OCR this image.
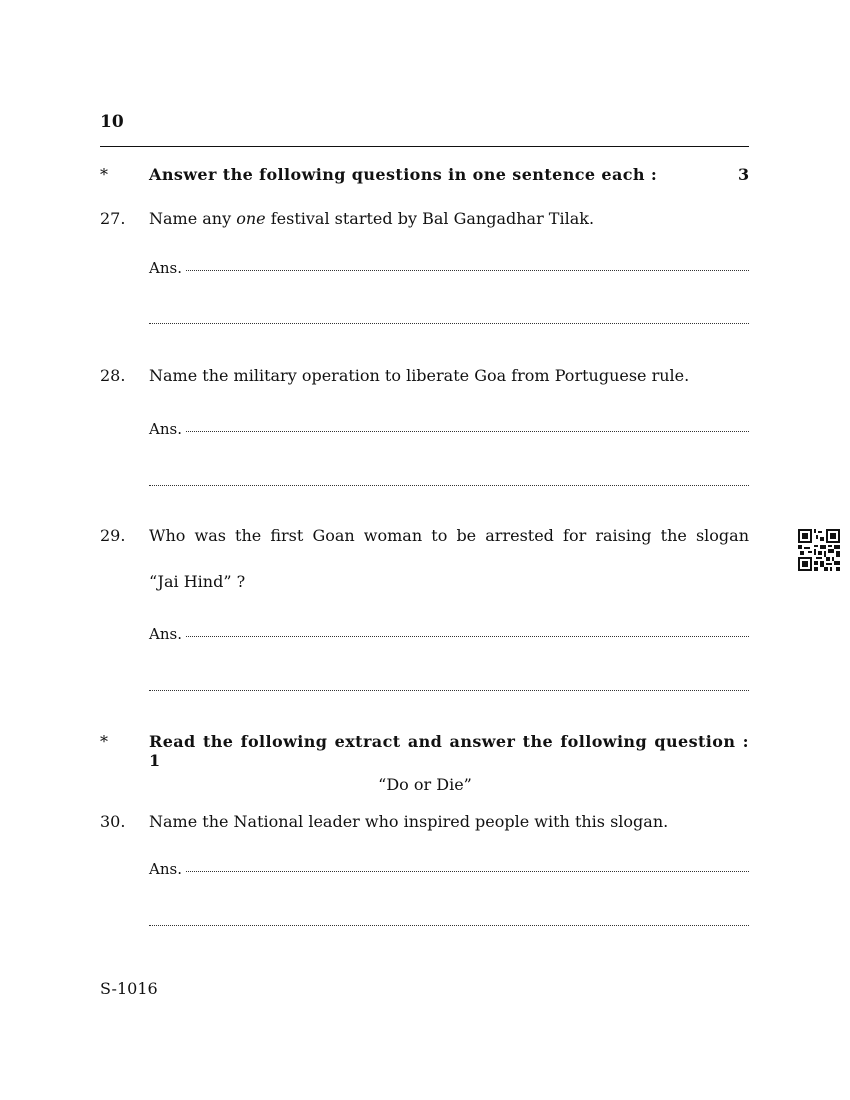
10
*	Answer the following questions in one sentence each :	3
27. Name any one festival started by Bal Gangadhar Tilak.
Ans.
28. Name the military operation to liberate Goa from Portuguese rule.
Ans.
29. Who was the first Goan woman to be arrested for raising the slogan
“Jai Hind” ?
Ans.
*	Read the following extract and answer the following question : 1
“Do or Die”
30. Name the National leader who inspired people with this slogan.
Ans.
S-1016
